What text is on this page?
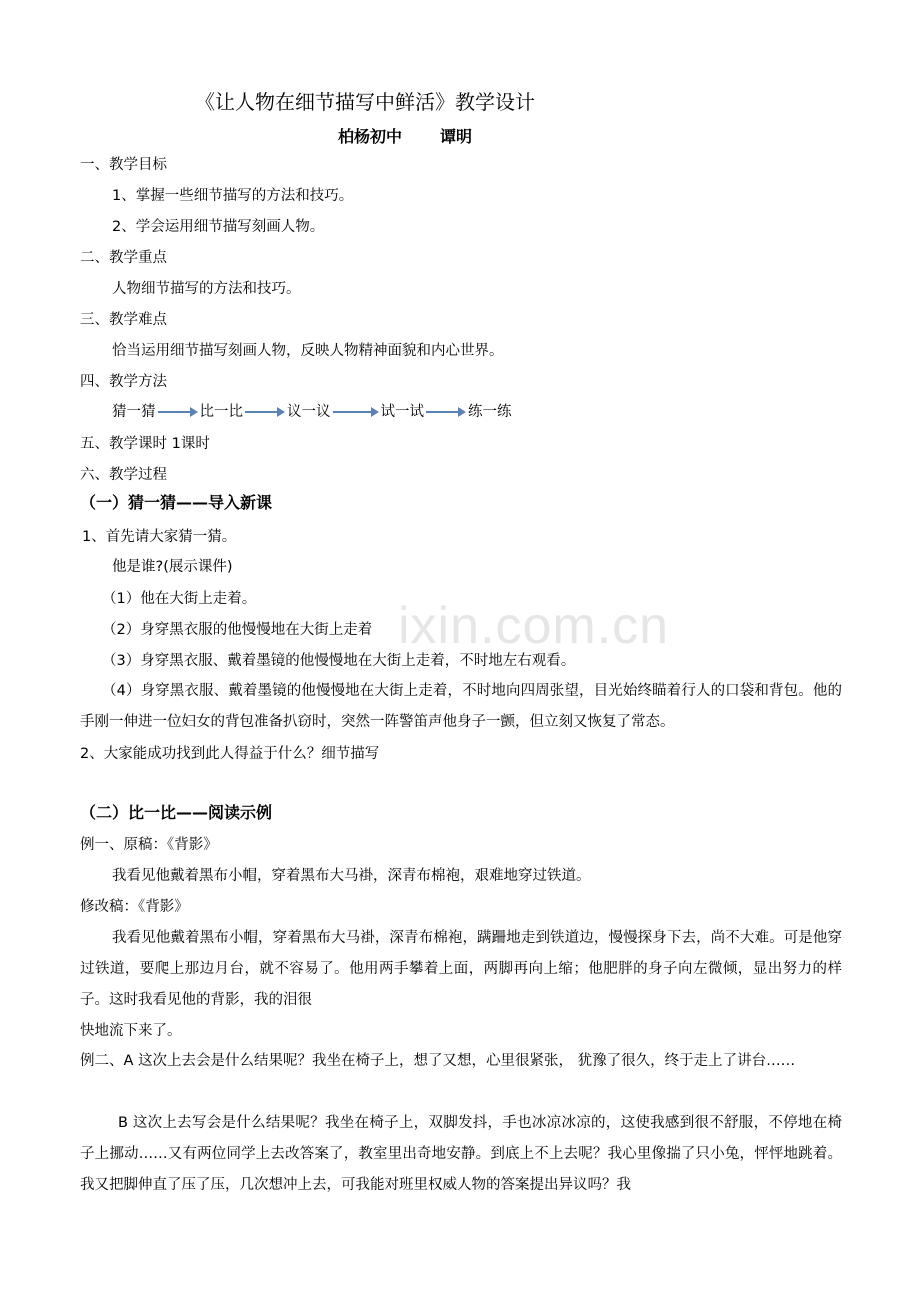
ixin.com.cn
《让人物在细节描写中鲜活》教学设计
柏杨初中 谭明
一、教学目标
1、掌握一些细节描写的方法和技巧。
2、学会运用细节描写刻画人物。
二、教学重点
人物细节描写的方法和技巧。
三、教学难点
恰当运用细节描写刻画人物，反映人物精神面貌和内心世界。
四、教学方法
猜一猜	比一比	议一议	试一试	练一练
五、教学课时 1课时
六、教学过程
（一）猜一猜——导入新课
1、首先请大家猜一猜。
他是谁?(展示课件)
（1）他在大街上走着。
（2）身穿黑衣服的他慢慢地在大街上走着
（3）身穿黑衣服、戴着墨镜的他慢慢地在大街上走着，不时地左右观看。
（4）身穿黑衣服、戴着墨镜的他慢慢地在大街上走着，不时地向四周张望，目光始终瞄着行人的口袋和背包。他的手刚一伸进一位妇女的背包准备扒窃时，突然一阵警笛声他身子一颤，但立刻又恢复了常态。
2、大家能成功找到此人得益于什么？细节描写
（二）比一比——阅读示例
例一、原稿：《背影》
我看见他戴着黑布小帽，穿着黑布大马褂，深青布棉袍，艰难地穿过铁道。
修改稿：《背影》
我看见他戴着黑布小帽，穿着黑布大马褂，深青布棉袍，蹒跚地走到铁道边，慢慢探身下去，尚不大难。可是他穿过铁道，要爬上那边月台，就不容易了。他用两手攀着上面，两脚再向上缩；他肥胖的身子向左微倾，显出努力的样子。这时我看见他的背影，我的泪很
快地流下来了。
例二、A 这次上去会是什么结果呢？我坐在椅子上，想了又想，心里很紧张， 犹豫了很久，终于走上了讲台……
B 这次上去写会是什么结果呢？我坐在椅子上，双脚发抖，手也冰凉冰凉的，这使我感到很不舒服，不停地在椅子上挪动……又有两位同学上去改答案了，教室里出奇地安静。到底上不上去呢？我心里像揣了只小兔，怦怦地跳着。我又把脚伸直了压了压，几次想冲上去，可我能对班里权威人物的答案提出异议吗？我
